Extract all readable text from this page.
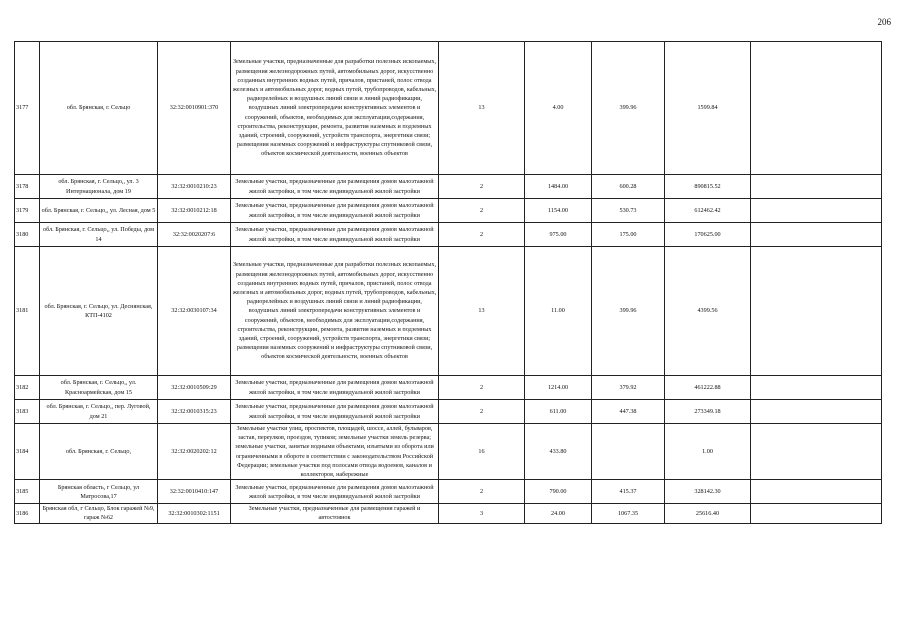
206
3177	обл. Брянская, г. Сельцо	32:32:0010901:370	Земельные участки, предназначенные для разработки полезных ископаемых, размещения железнодорожных путей, автомобильных дорог, искусственно созданных внутренних водных путей, причалов, пристаней, полос отвода железных и автомобильных дорог, водных путей, трубопроводов, кабельных, радиорелейных и воздушных линий связи и линий радиофикации, воздушных линий электропередачи конструктивных элементов и сооружений, объектов, необходимых для эксплуатации,содержания, строительства, реконструкции, ремонта, развития наземных и подземных зданий, строений, сооружений, устройств транспорта, энергетики связи; размещения наземных сооружений и инфраструктуры спутниковой связи, объектов космической деятельности, военных объектов	13	4.00	399.96	1599.84	
3178	обл. Брянская, г. Сельцо,, ул. 3 Интернационала, дом 19	32:32:0010210:23	Земельные участки, предназначенные для размещения домов малоэтажной жилой застройки, в том числе индивидуальной жилой застройки	2	1484.00	600.28	890815.52	
3179	обл. Брянская, г. Сельцо,, ул. Лесная, дом 5	32:32:0010212:18	Земельные участки, предназначенные для размещения домов малоэтажной жилой застройки, в том числе индивидуальной жилой застройки	2	1154.00	530.73	612462.42	
3180	обл. Брянская, г. Сельцо,, ул. Победы, дом 14	32:32:0020207:6	Земельные участки, предназначенные для размещения домов малоэтажной жилой застройки, в том числе индивидуальной жилой застройки	2	975.00	175.00	170625.00	
3181	обл. Брянская, г. Сельцо, ул. Деснянская, КТП-4102	32:32:0030107:34	Земельные участки, предназначенные для разработки полезных ископаемых, размещения железнодорожных путей, автомобильных дорог, искусственно созданных внутренних водных путей, причалов, пристаней, полос отвода железных и автомобильных дорог, водных путей, трубопроводов, кабельных, радиорелейных и воздушных линий связи и линий радиофикации, воздушных линий электропередачи конструктивных элементов и сооружений, объектов, необходимых для эксплуатации,содержания, строительства, реконструкции, ремонта, развития наземных и подземных зданий, строений, сооружений, устройств транспорта, энергетики связи; размещения наземных сооружений и инфраструктуры спутниковой связи, объектов космической деятельности, военных объектов	13	11.00	399.96	4399.56	
3182	обл. Брянская, г. Сельцо,, ул. Красноармейская, дом 15	32:32:0010509:29	Земельные участки, предназначенные для размещения домов малоэтажной жилой застройки, в том числе индивидуальной жилой застройки	2	1214.00	379.92	461222.88	
3183	обл. Брянская, г. Сельцо,, пер. Луговой, дом 21	32:32:0010315:23	Земельные участки, предназначенные для размещения домов малоэтажной жилой застройки, в том числе индивидуальной жилой застройки	2	611.00	447.38	273349.18	
3184	обл. Брянская, г. Сельцо,	32:32:0020202:12	Земельные участки улиц, проспектов, площадей, шоссе, аллей, бульваров, застав, переулков, проездов, тупиков; земельные участки земель резерва; земельные участки, занятые водными объектами, изъятыми из оборота или ограниченными в обороте в соответствии с законодательством Российской Федерации; земельные участки под полосами отвода водоемов, каналов и коллекторов, набережные	16	433.80		1.00	
3185	Брянская область, г Сельцо, ул Матросова,17	32:32:0010410:147	Земельные участки, предназначенные для размещения домов малоэтажной жилой застройки, в том числе индивидуальной жилой застройки	2	790.00	415.37	328142.30	
3186	Брянская обл, г Сельцо, Блок гаражей №9, гараж №62	32:32:0010302:1151	Земельные участки, предназначенные для размещения гаражей и автостоянок	3	24.00	1067.35	25616.40	
